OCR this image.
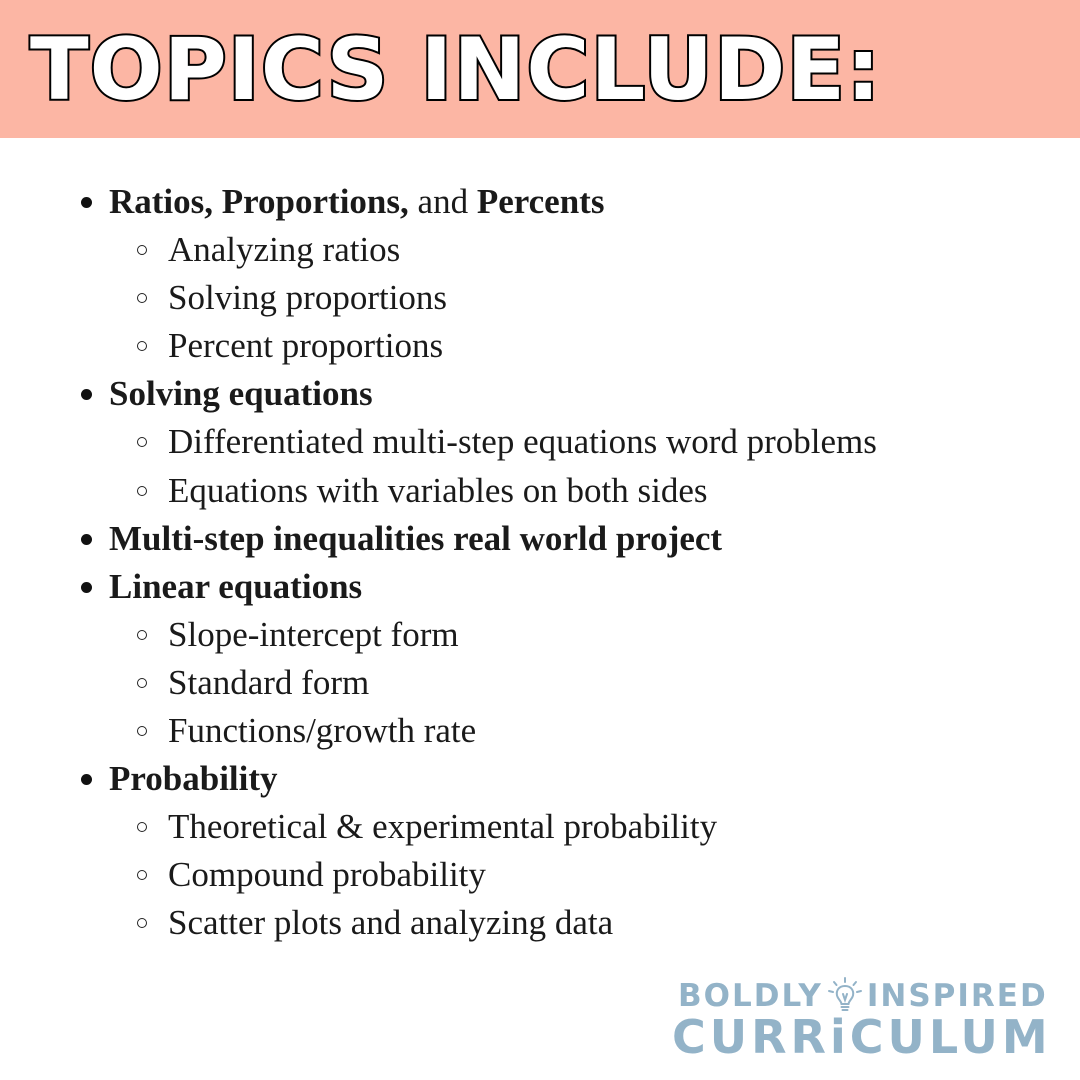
TOPICS INCLUDE:
Ratios, Proportions, and Percents
Analyzing ratios
Solving proportions
Percent proportions
Solving equations
Differentiated multi-step equations word problems
Equations with variables on both sides
Multi-step inequalities real world project
Linear equations
Slope-intercept form
Standard form
Functions/growth rate
Probability
Theoretical & experimental probability
Compound probability
Scatter plots and analyzing data
BOLDLY INSPIRED
CURRiCULUM
